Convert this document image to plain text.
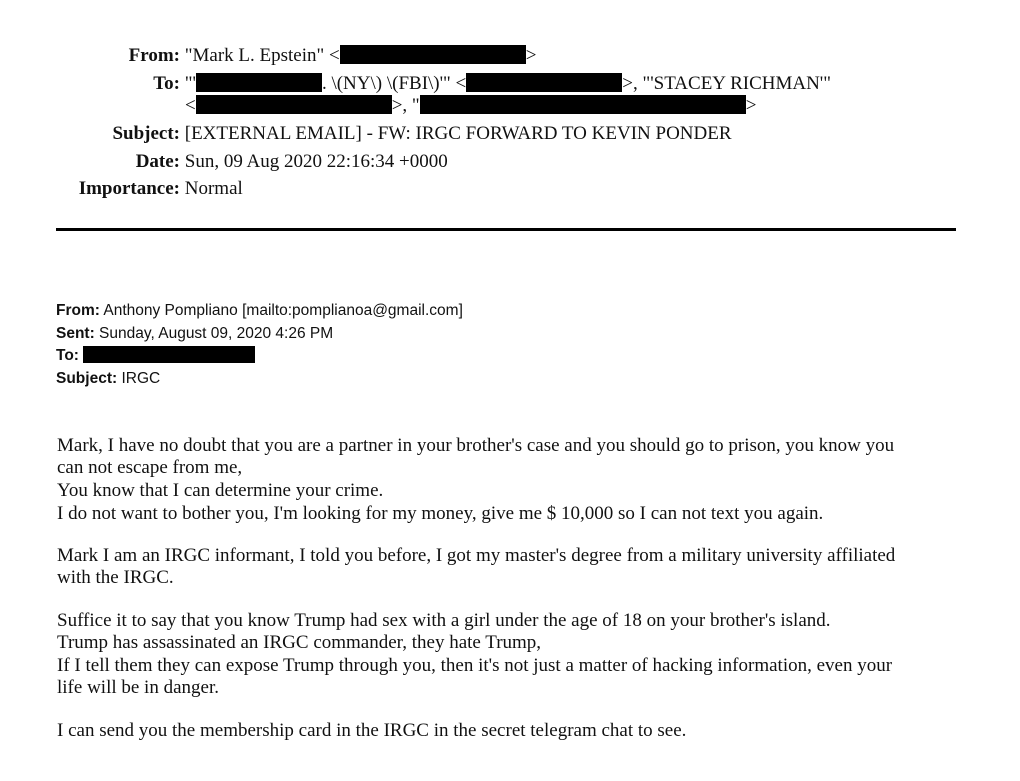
From: "Mark L. Epstein" <	>
To: "'	. \(NY\) \(FBI\)'" <	>, "'STACEY RICHMAN'"
<	>, "	>
Subject: [EXTERNAL EMAIL] - FW: IRGC FORWARD TO KEVIN PONDER
Date: Sun, 09 Aug 2020 22:16:34 +0000
Importance: Normal
From: Anthony Pompliano [mailto:pomplianoa@gmail.com]
Sent: Sunday, August 09, 2020 4:26 PM
To:
Subject: IRGC
Mark, I have no doubt that you are a partner in your brother's case and you should go to prison, you know you
can not escape from me,
You know that I can determine your crime.
I do not want to bother you, I'm looking for my money, give me $ 10,000 so I can not text you again.
Mark I am an IRGC informant, I told you before, I got my master's degree from a military university affiliated
with the IRGC.
Suffice it to say that you know Trump had sex with a girl under the age of 18 on your brother's island.
Trump has assassinated an IRGC commander, they hate Trump,
If I tell them they can expose Trump through you, then it's not just a matter of hacking information, even your
life will be in danger.
I can send you the membership card in the IRGC in the secret telegram chat to see.
